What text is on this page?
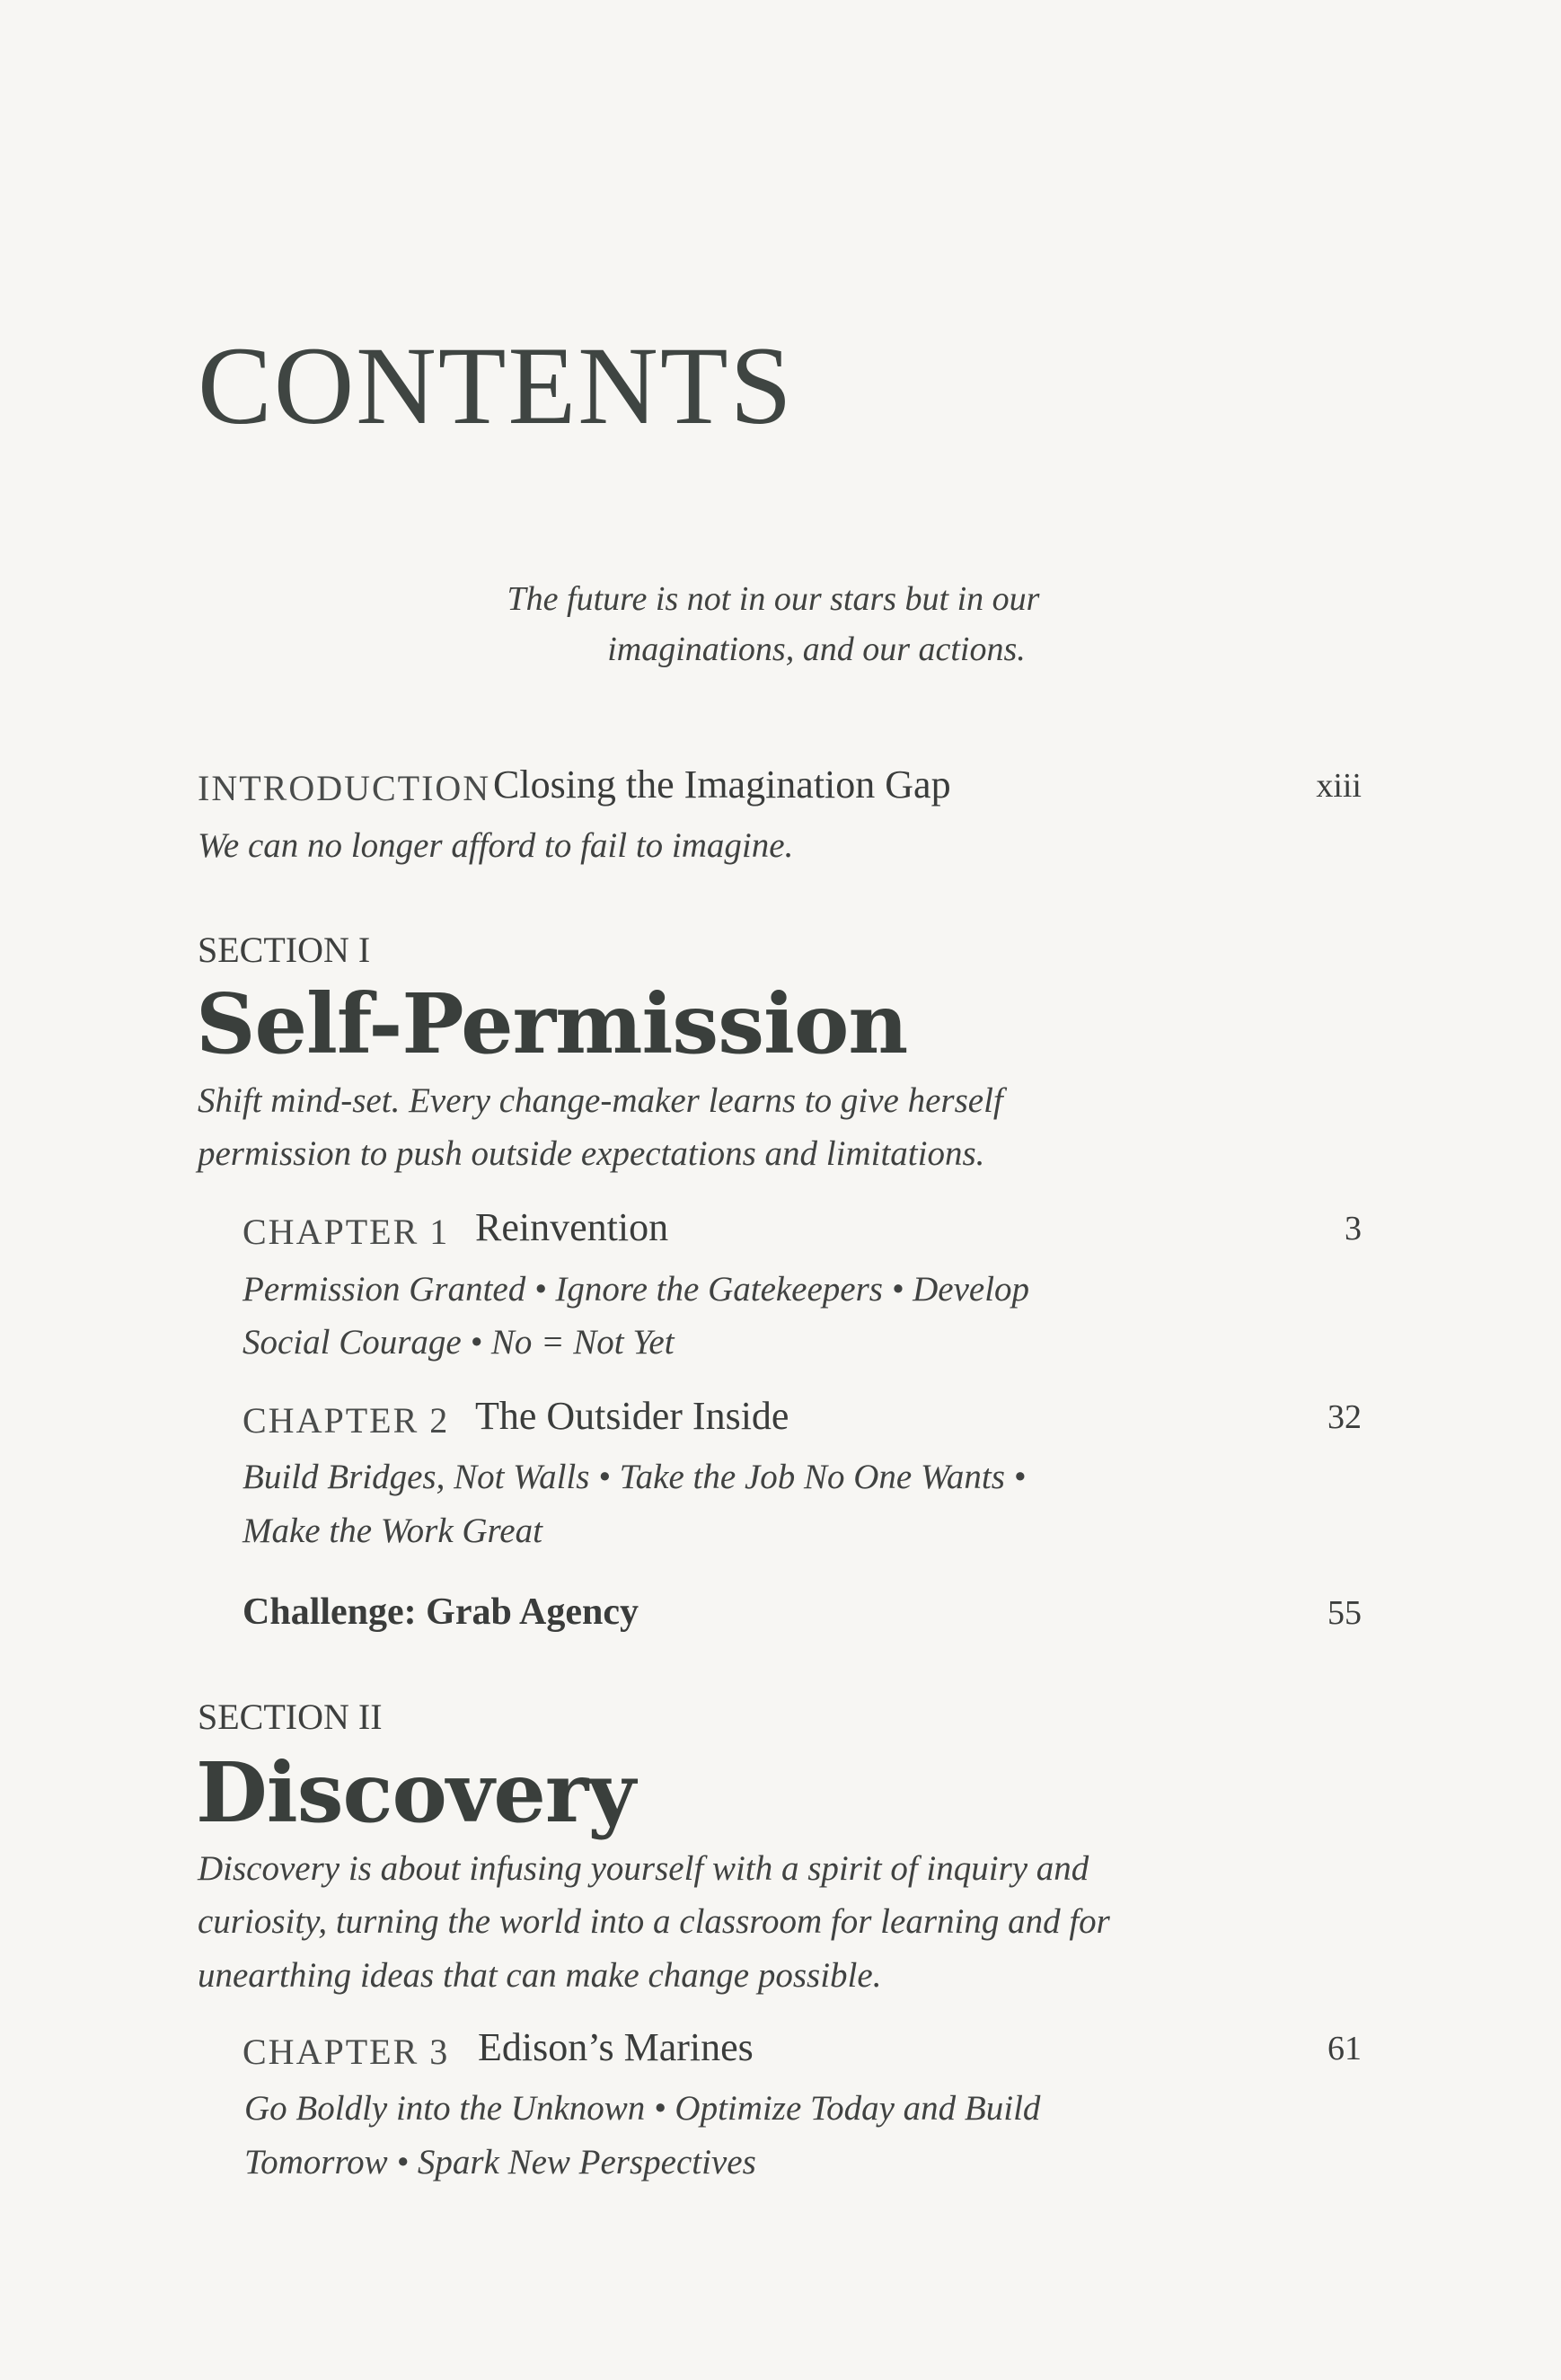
CONTENTS
The future is not in our stars but in our
imaginations, and our actions.
INTRODUCTION Closing the Imagination Gap	xiii
We can no longer afford to fail to imagine.
SECTION I
Self-Permission
Shift mind-set. Every change-maker learns to give herself
permission to push outside expectations and limitations.
CHAPTER 1 Reinvention	3
Permission Granted • Ignore the Gatekeepers • Develop
Social Courage • No = Not Yet
CHAPTER 2 The Outsider Inside	32
Build Bridges, Not Walls • Take the Job No One Wants •
Make the Work Great
Challenge: Grab Agency	55
SECTION II
Discovery
Discovery is about infusing yourself with a spirit of inquiry and
curiosity, turning the world into a classroom for learning and for
unearthing ideas that can make change possible.
CHAPTER 3 Edison’s Marines	61
Go Boldly into the Unknown • Optimize Today and Build
Tomorrow • Spark New Perspectives
